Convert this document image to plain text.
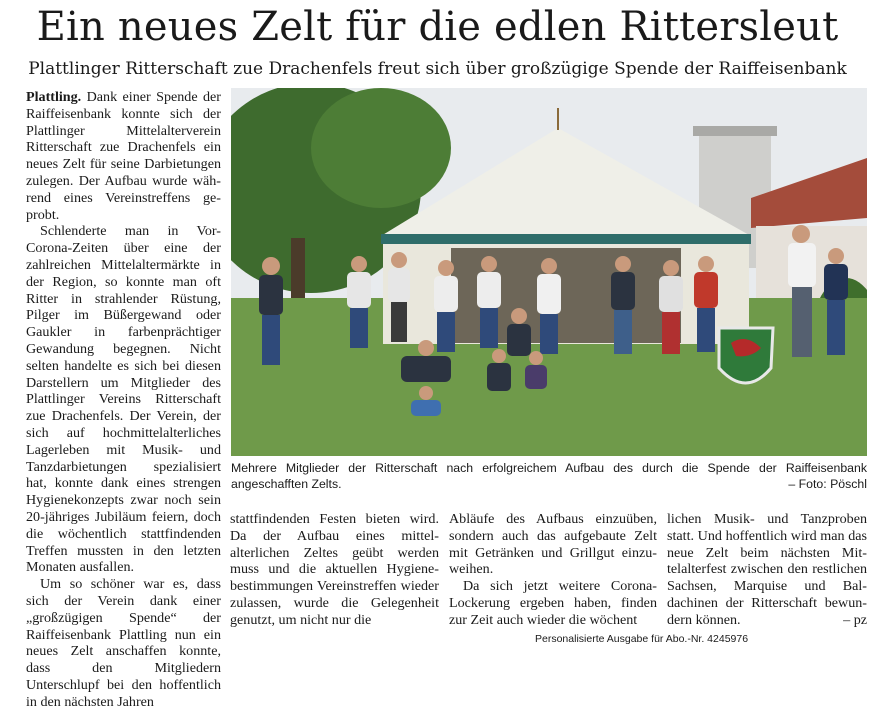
Ein neues Zelt für die edlen Rittersleut
Plattlinger Ritterschaft zue Drachenfels freut sich über großzügige Spende der Raiffeisenbank

Plattling. Dank einer Spende der Raiffeisenbank konnte sich der Plattlinger Mittelalterverein Ritterschaft zue Drachenfels ein neues Zelt für seine Darbietungen zulegen. Der Aufbau wurde während eines Vereinstreffens geprobt.

Schlenderte man in Vor-Corona-Zeiten über eine der zahlreichen Mittelaltermärkte in der Region, so konnte man oft Ritter in strahlender Rüstung, Pilger im Büßergewand oder Gaukler in farbenprächtiger Gewandung begegnen. Nicht selten handelte es sich bei diesen Darstellern um Mitglieder des Plattlinger Vereins Ritterschaft zue Drachenfels. Der Verein, der sich auf hochmittelalterliches Lagerleben mit Musik- und Tanzdarbietungen spezialisiert hat, konnte dank eines strengen Hygienekonzepts zwar noch sein 20-jähriges Jubiläum feiern, doch die wöchentlich stattfindenden Treffen mussten in den letzten Monaten ausfallen.

Um so schöner war es, dass sich der Verein dank einer „großzügigen Spende“ der Raiffeisenbank Plattling nun ein neues Zelt anschaffen konnte, dass den Mitgliedern Unterschlupf bei den hoffentlich in den nächsten Jahren

Mehrere Mitglieder der Ritterschaft nach erfolgreichem Aufbau des durch die Spende der Raiffeisenbank angeschafften Zelts.	– Foto: Pöschl

stattfindenden Festen bieten wird. Da der Aufbau eines mittelalterlichen Zeltes geübt werden muss und die aktuellen Hygienebestimmungen Vereinstreffen wieder zulassen, wurde die Gelegenheit genutzt, um nicht nur die

Abläufe des Aufbaus einzuüben, sondern auch das aufgebaute Zelt mit Getränken und Grillgut einzuweihen.

Da sich jetzt weitere Corona-Lockerung ergeben haben, finden zur Zeit auch wieder die wöchent

lichen Musik- und Tanzproben statt. Und hoffentlich wird man das neue Zelt beim nächsten Mittelalterfest zwischen den restlichen Sachsen, Marquise und Baldachinen der Ritterschaft bewundern können.	– pz

Personalisierte Ausgabe für Abo.-Nr. 4245976
